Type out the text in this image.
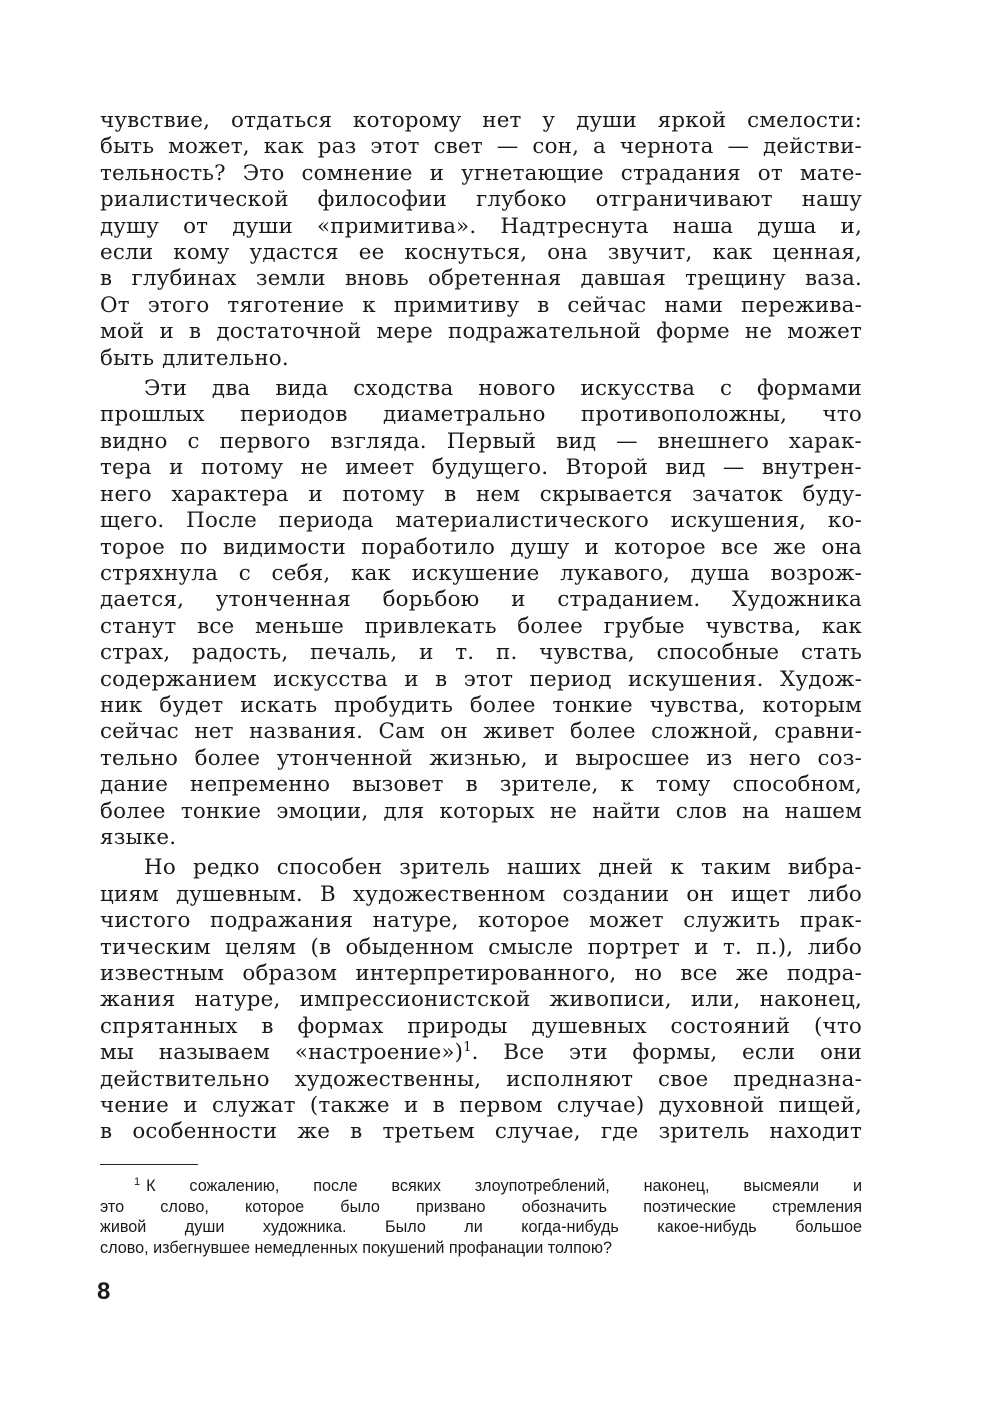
чувствие, отдаться которому нет у души яркой смелости:
быть может, как раз этот свет — сон, а чернота — действи-
тельность? Это сомнение и угнетающие страдания от мате-
риалистической философии глубоко отграничивают нашу
душу от души «примитива». Надтреснута наша душа и,
если кому удастся ее коснуться, она звучит, как ценная,
в глубинах земли вновь обретенная давшая трещину ваза.
От этого тяготение к примитиву в сейчас нами пережива-
мой и в достаточной мере подражательной форме не может
быть длительно.
Эти два вида сходства нового искусства с формами
прошлых периодов диаметрально противоположны, что
видно с первого взгляда. Первый вид — внешнего харак-
тера и потому не имеет будущего. Второй вид — внутрен-
него характера и потому в нем скрывается зачаток буду-
щего. После периода материалистического искушения, ко-
торое по видимости поработило душу и которое все же она
стряхнула с себя, как искушение лукавого, душа возрож-
дается, утонченная борьбою и страданием. Художника
станут все меньше привлекать более грубые чувства, как
страх, радость, печаль, и т. п. чувства, способные стать
содержанием искусства и в этот период искушения. Худож-
ник будет искать пробудить более тонкие чувства, которым
сейчас нет названия. Сам он живет более сложной, сравни-
тельно более утонченной жизнью, и выросшее из него соз-
дание непременно вызовет в зрителе, к тому способном,
более тонкие эмоции, для которых не найти слов на нашем
языке.
Но редко способен зритель наших дней к таким вибра-
циям душевным. В художественном создании он ищет либо
чистого подражания натуре, которое может служить прак-
тическим целям (в обыденном смысле портрет и т. п.), либо
известным образом интерпретированного, но все же подра-
жания натуре, импрессионистской живописи, или, наконец,
спрятанных в формах природы душевных состояний (что
мы называем «настроение»)$^1$. Все эти формы, если они
действительно художественны, исполняют свое предназна-
чение и служат (также и в первом случае) духовной пищей,
в особенности же в третьем случае, где зритель находит
$^1$ К сожалению, после всяких злоупотреблений, наконец, высмеяли и
это слово, которое было призвано обозначить поэтические стремления
живой души художника. Было ли когда-нибудь какое-нибудь большое
слово, избегнувшее немедленных покушений профанации толпою?
8
